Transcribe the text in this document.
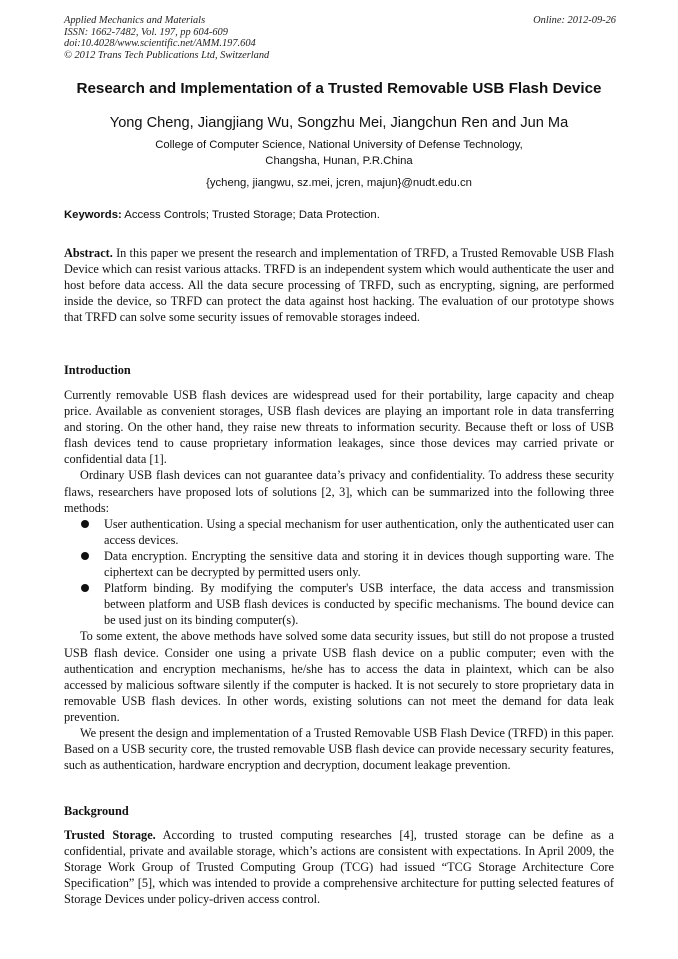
Applied Mechanics and Materials
ISSN: 1662-7482, Vol. 197, pp 604-609
doi:10.4028/www.scientific.net/AMM.197.604
© 2012 Trans Tech Publications Ltd, Switzerland
Online: 2012-09-26
Research and Implementation of a Trusted Removable USB Flash Device
Yong Cheng, Jiangjiang Wu, Songzhu Mei, Jiangchun Ren and Jun Ma
College of Computer Science, National University of Defense Technology,
Changsha, Hunan, P.R.China
{ycheng, jiangwu, sz.mei, jcren, majun}@nudt.edu.cn
Keywords: Access Controls; Trusted Storage; Data Protection.

Abstract. In this paper we present the research and implementation of TRFD, a Trusted Removable USB Flash Device which can resist various attacks. TRFD is an independent system which would authenticate the user and host before data access. All the data secure processing of TRFD, such as encrypting, signing, are performed inside the device, so TRFD can protect the data against host hacking. The evaluation of our prototype shows that TRFD can solve some security issues of removable storages indeed.

Introduction

Currently removable USB flash devices are widespread used for their portability, large capacity and cheap price. Available as convenient storages, USB flash devices are playing an important role in data transferring and storing. On the other hand, they raise new threats to information security. Because theft or loss of USB flash devices tend to cause proprietary information leakages, since those devices may carried private or confidential data [1].

Ordinary USB flash devices can not guarantee data’s privacy and confidentiality. To address these security flaws, researchers have proposed lots of solutions [2, 3], which can be summarized into the following three methods:

User authentication. Using a special mechanism for user authentication, only the authenticated user can access devices.
Data encryption. Encrypting the sensitive data and storing it in devices though supporting ware. The ciphertext can be decrypted by permitted users only.
Platform binding. By modifying the computer's USB interface, the data access and transmission between platform and USB flash devices is conducted by specific mechanisms. The bound device can be used just on its binding computer(s).

To some extent, the above methods have solved some data security issues, but still do not propose a trusted USB flash device. Consider one using a private USB flash device on a public computer; even with the authentication and encryption mechanisms, he/she has to access the data in plaintext, which can be also accessed by malicious software silently if the computer is hacked. It is not securely to store proprietary data in removable USB flash devices. In other words, existing solutions can not meet the demand for data leak prevention.

We present the design and implementation of a Trusted Removable USB Flash Device (TRFD) in this paper. Based on a USB security core, the trusted removable USB flash device can provide necessary security features, such as authentication, hardware encryption and decryption, document leakage prevention.

Background

Trusted Storage. According to trusted computing researches [4], trusted storage can be define as a confidential, private and available storage, which’s actions are consistent with expectations. In April 2009, the Storage Work Group of Trusted Computing Group (TCG) had issued “TCG Storage Architecture Core Specification” [5], which was intended to provide a comprehensive architecture for putting selected features of Storage Devices under policy-driven access control.
